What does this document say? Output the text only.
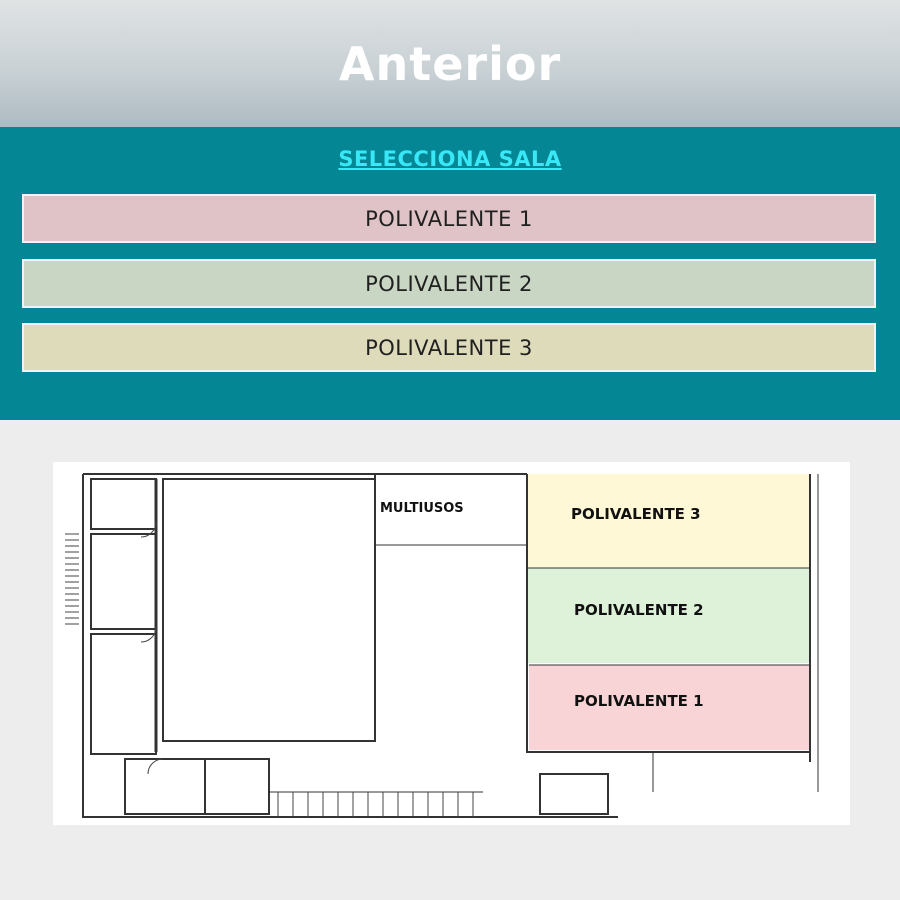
Anterior
SELECCIONA SALA
POLIVALENTE 1
POLIVALENTE 2
POLIVALENTE 3
MULTIUSOS	POLIVALENTE 3
POLIVALENTE 2
POLIVALENTE 1
